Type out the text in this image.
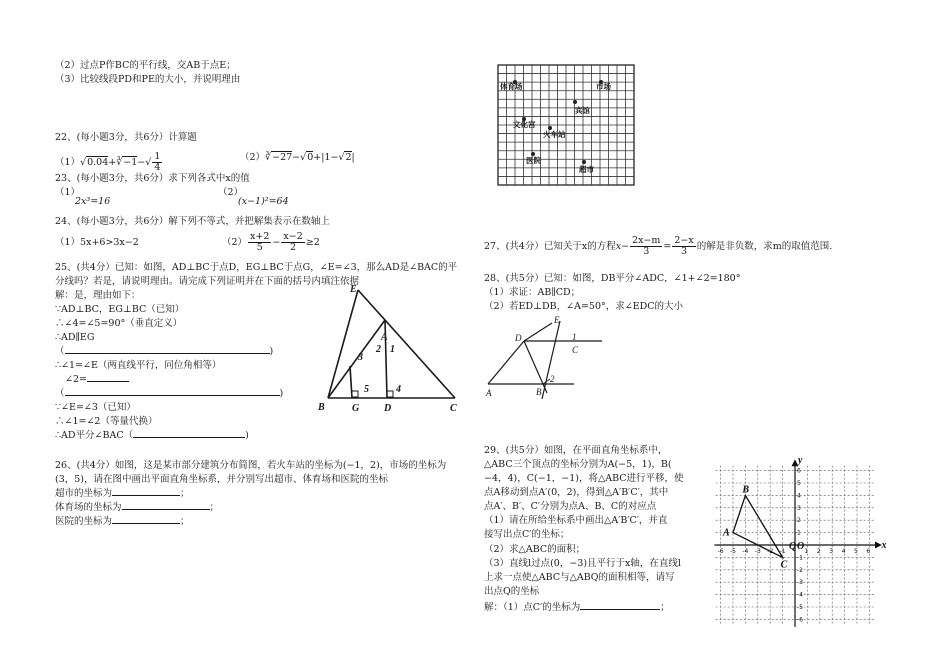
（2）过点P作BC的平行线，交AB于点E；
（3）比较线段PD和PE的大小，并说明理由
22、(每小题3分，共6分）计算题
（1）√0.04+∛−1−√ $\frac{1}{4}$	（2）∛−27−√0+|1−√2|
23、(每小题3分，共6分）求下列各式中x的值
（1）
2x³=16
（2）
(x−1)²=64
24、(每小题3分，共6分）解下列不等式，并把解集表示在数轴上
（1）5x+6>3x−2	$(2) \frac{x+2}{5} - \frac{x-2}{2} \ge 2$
25、(共4分）已知：如图，AD⊥BC于点D，EG⊥BC于点G，∠E=∠3，那么AD是∠BAC的平
分线吗？若是，请说明理由。请完成下列证明并在下面的括号内填注依据
解：是，理由如下：
∵AD⊥BC，EG⊥BC（已知）
∴∠4=∠5=90°（垂直定义）
∴AD∥EG
（	)
∴∠1=∠E（两直线平行，同位角相等）
∠2=
（	)
∵∠E=∠3（已知）
∴∠1=∠2（等量代换）
∴AD平分∠BAC（	)
E
A
3
2 1
5	4
B	G D	C
26、(共4分）如图，这是某市部分建筑分布简图，若火车站的坐标为(−1，2)，市场的坐标为
(3，5)，请在图中画出平面直角坐标系，并分别写出超市、体育场和医院的坐标
超市的坐标为	；
体育场的坐标为	；
医院的坐标为	；
体育场	市场
宾馆
文化宫
火车站
医院
超市
27、(共4分）已知关于x的方程$x- \frac{2x-m}{3} = \frac{2-x}{3}$ 的解是非负数，求m的取值范围.
28、(共5分）已知：如图，DB平分∠ADC，∠1+∠2=180°
（1）求证：AB∥CD；
（2）若ED⊥DB，∠A=50°，求∠EDC的大小
E
D
C
1
A	B
2
29、(共5分）如图，在平面直角坐标系中，
△ABC三个顶点的坐标分别为A(−5，1)，B(
−4，4)，C(−1，−1)，将△ABC进行平移，使
点A移动到点A′(0，2)，得到△A′B′C′，其中
点A′、B′、C′分别为点A、B、C的对应点
（1）请在所给坐标系中画出△A′B′C′，并直
接写出点C′的坐标；
（2）求△ABC的面积；
（3）直线l过点(0，−3)且平行于x轴，在直线l
上求一点使△ABC与△ABQ的面积相等，请写
出点Q的坐标
解：（1）点C′的坐标为	；
-6 -5 -4 -3 -2 -1	1 2 3 4 5 6
6
5
4
3
2
1
-1
-2
-3
-4
-5
-6
A
B
C
O
Q	x
y
